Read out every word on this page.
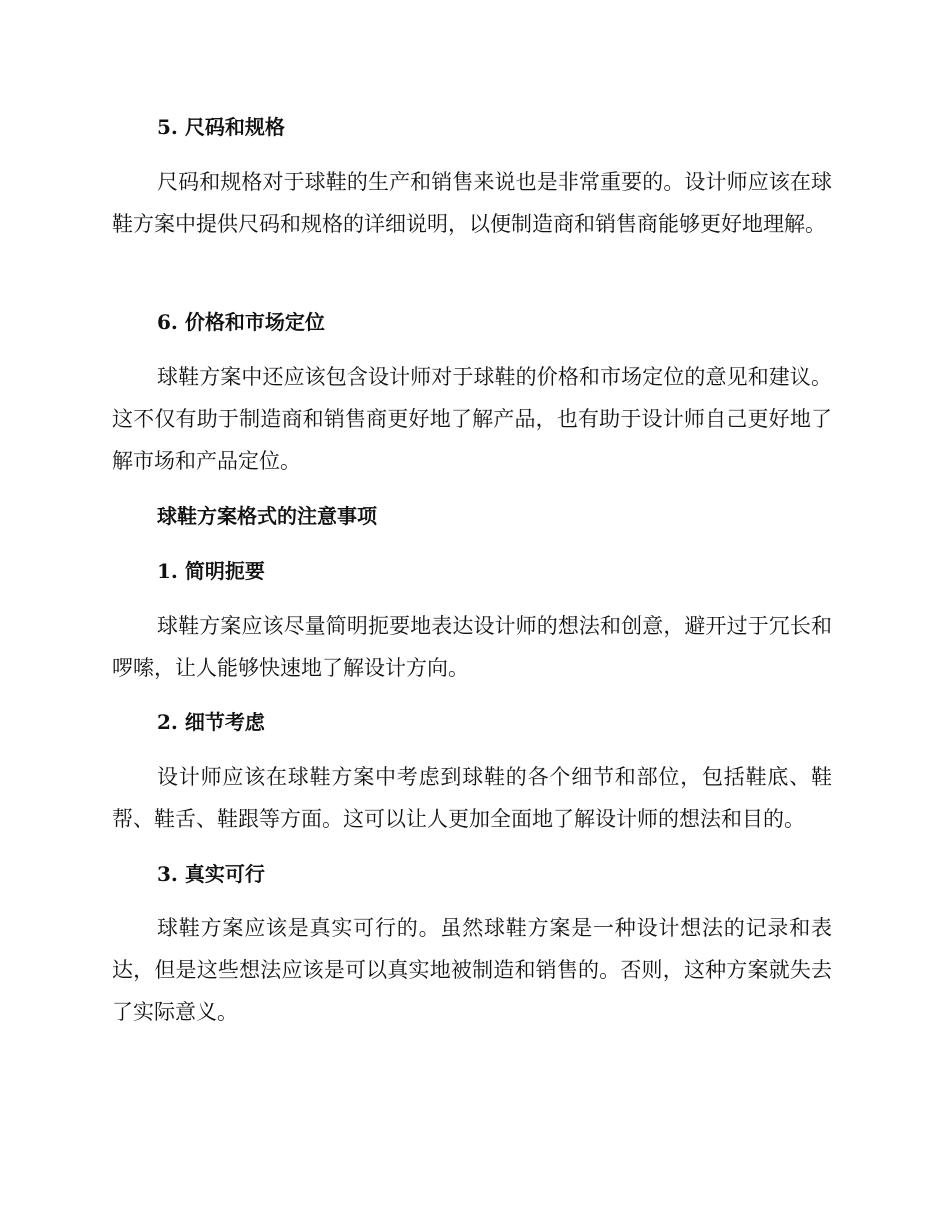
5. 尺码和规格

尺码和规格对于球鞋的生产和销售来说也是非常重要的。设计师应该在球鞋方案中提供尺码和规格的详细说明，以便制造商和销售商能够更好地理解。

6. 价格和市场定位

球鞋方案中还应该包含设计师对于球鞋的价格和市场定位的意见和建议。这不仅有助于制造商和销售商更好地了解产品，也有助于设计师自己更好地了解市场和产品定位。

球鞋方案格式的注意事项
1. 简明扼要

球鞋方案应该尽量简明扼要地表达设计师的想法和创意，避开过于冗长和啰嗦，让人能够快速地了解设计方向。

2. 细节考虑

设计师应该在球鞋方案中考虑到球鞋的各个细节和部位，包括鞋底、鞋帮、鞋舌、鞋跟等方面。这可以让人更加全面地了解设计师的想法和目的。

3. 真实可行

球鞋方案应该是真实可行的。虽然球鞋方案是一种设计想法的记录和表达，但是这些想法应该是可以真实地被制造和销售的。否则，这种方案就失去了实际意义。
